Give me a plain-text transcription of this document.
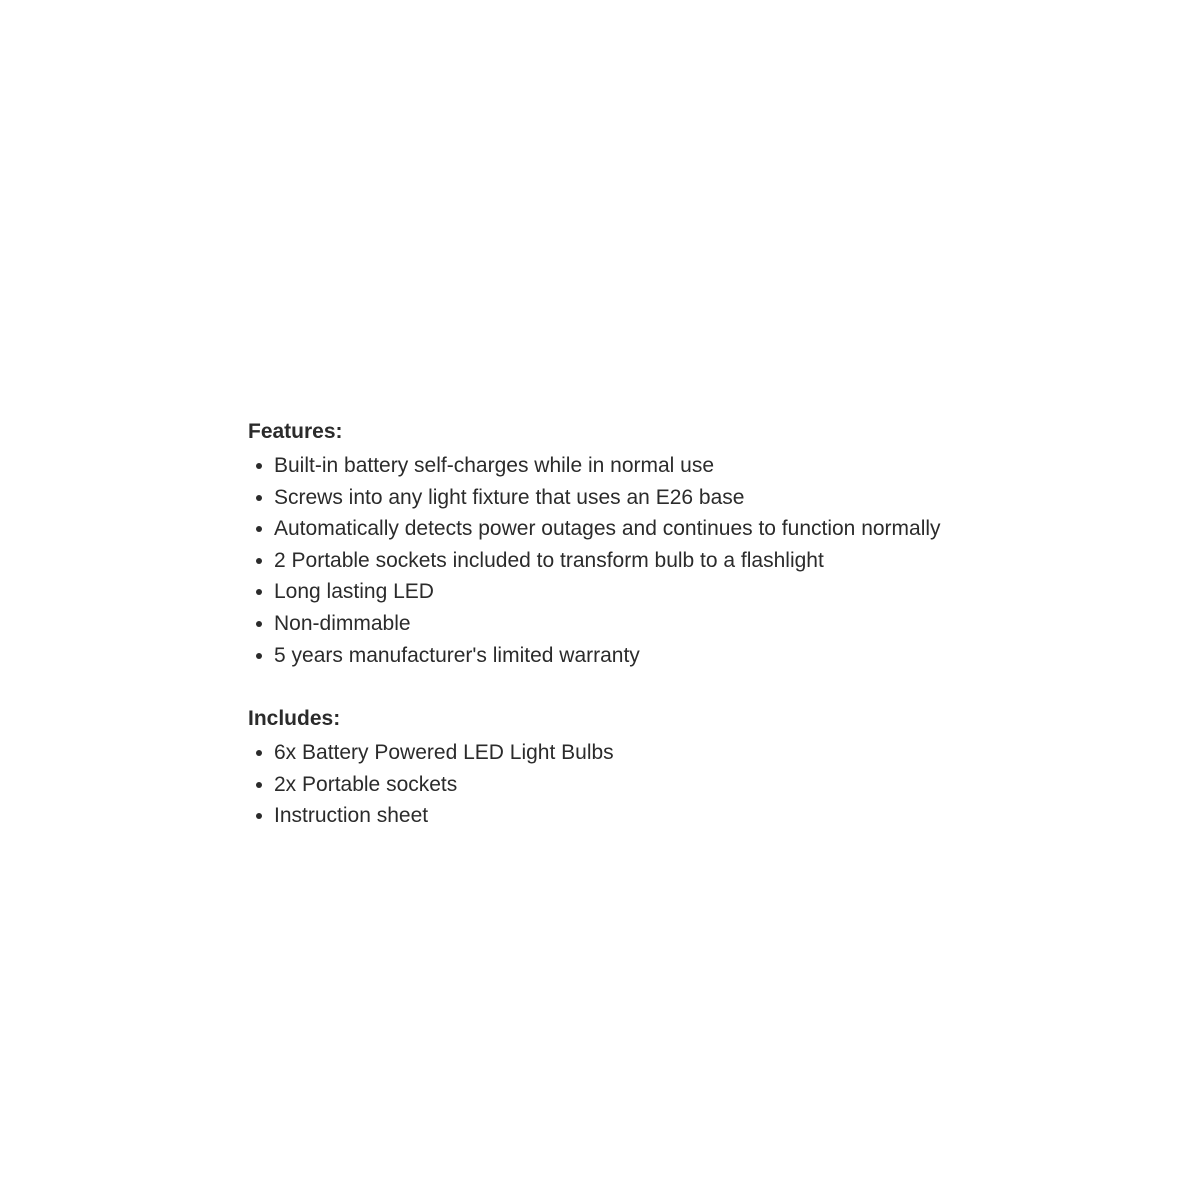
Features:
Built-in battery self-charges while in normal use
Screws into any light fixture that uses an E26 base
Automatically detects power outages and continues to function normally
2 Portable sockets included to transform bulb to a flashlight
Long lasting LED
Non-dimmable
5 years manufacturer's limited warranty
Includes:
6x Battery Powered LED Light Bulbs
2x Portable sockets
Instruction sheet
